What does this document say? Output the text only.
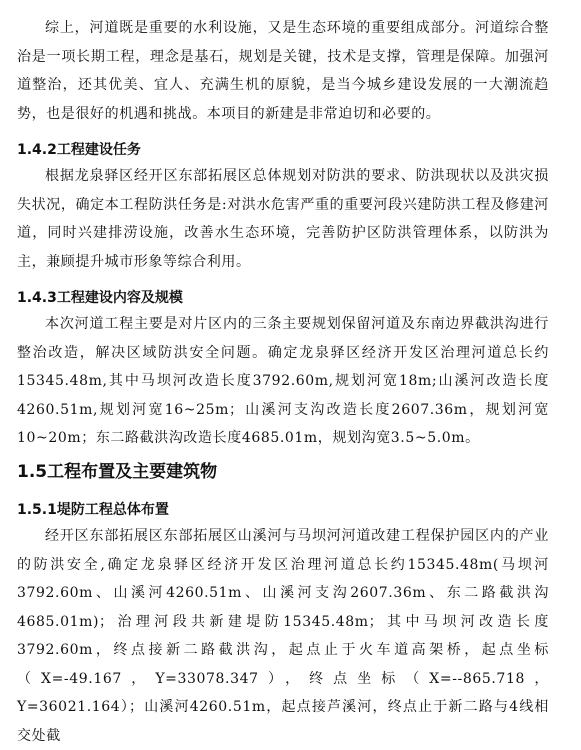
综上，河道既是重要的水利设施，又是生态环境的重要组成部分。河道综合整治是一项长期工程，理念是基石，规划是关键，技术是支撑，管理是保障。加强河道整治，还其优美、宜人、充满生机的原貌，是当今城乡建设发展的一大潮流趋势，也是很好的机遇和挑战。本项目的新建是非常迫切和必要的。

1.4.2工程建设任务

根据龙泉驿区经开区东部拓展区总体规划对防洪的要求、防洪现状以及洪灾损失状况，确定本工程防洪任务是:对洪水危害严重的重要河段兴建防洪工程及修建河道，同时兴建排涝设施，改善水生态环境，完善防护区防洪管理体系，以防洪为主，兼顾提升城市形象等综合利用。

1.4.3工程建设内容及规模

本次河道工程主要是对片区内的三条主要规划保留河道及东南边界截洪沟进行整治改造，解决区域防洪安全问题。确定龙泉驿区经济开发区治理河道总长约15345.48m,其中马坝河改造长度3792.60m,规划河宽18m;山溪河改造长度4260.51m,规划河宽16~25m；山溪河支沟改造长度2607.36m，规划河宽10~20m；东二路截洪沟改造长度4685.01m，规划沟宽3.5~5.0m。

1.5工程布置及主要建筑物
1.5.1堤防工程总体布置

经开区东部拓展区东部拓展区山溪河与马坝河河道改建工程保护园区内的产业的防洪安全,确定龙泉驿区经济开发区治理河道总长约15345.48m(马坝河3792.60m、山溪河4260.51m、山溪河支沟2607.36m、东二路截洪沟4685.01m)；治理河段共新建堤防15345.48m；其中马坝河改造长度3792.60m，终点接新二路截洪沟，起点止于火车道高架桥，起点坐标（X=-49.167，Y=33078.347），终点坐标（X=--865.718，Y=36021.164）；山溪河4260.51m，起点接芦溪河，终点止于新二路与4线相交处截
